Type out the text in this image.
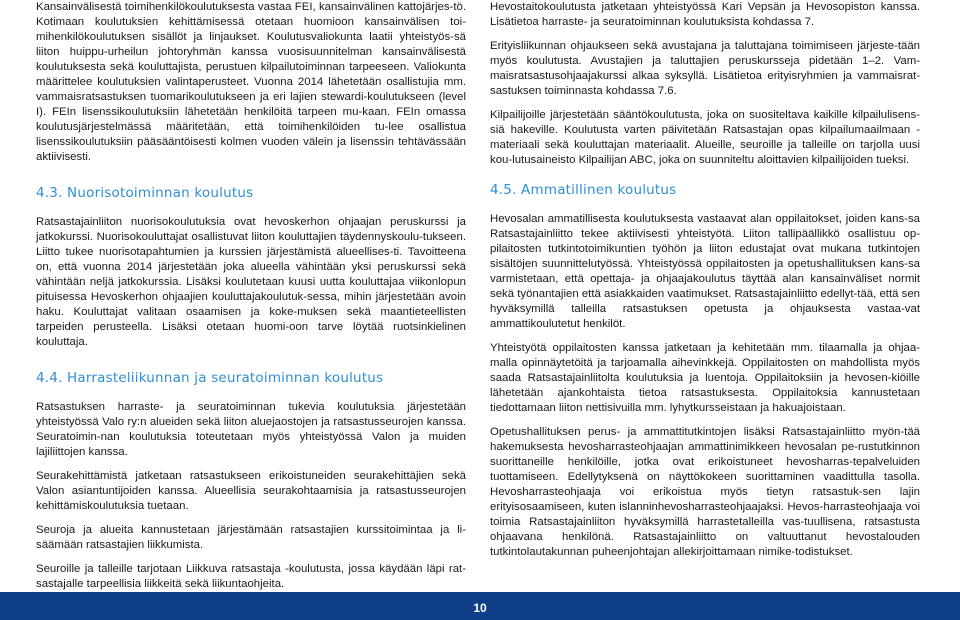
Kansainvälisestä toimihenkilökoulutuksesta vastaa FEI, kansainvälinen kattojärjes-tö. Kotimaan koulutuksien kehittämisessä otetaan huomioon kansainvälisen toi-mihenkilökoulutuksen sisällöt ja linjaukset. Koulutusvaliokunta laatii yhteistyös-sä liiton huippu-urheilun johtoryhmän kanssa vuosisuunnitelman kansainvälisestä koulutuksesta sekä kouluttajista, perustuen kilpailutoiminnan tarpeeseen. Valiokunta määrittelee koulutuksien valintaperusteet. Vuonna 2014 lähetetään osallistujia mm. vammaisratsastuksen tuomarikoulutukseen ja eri lajien stewardi-koulutukseen (level I). FEIn lisenssikoulutuksiin lähetetään henkilöitä tarpeen mu-kaan. FEIn omassa koulutusjärjestelmässä määritetään, että toimihenkilöiden tu-lee osallistua lisenssikoulutuksiin pääsääntöisesti kolmen vuoden välein ja lisenssin tehtävässään aktiivisesti.

4.3. Nuorisotoiminnan koulutus

Ratsastajainliiton nuorisokoulutuksia ovat hevoskerhon ohjaajan peruskurssi ja jatkokurssi. Nuorisokouluttajat osallistuvat liiton kouluttajien täydennyskoulu-tukseen. Liitto tukee nuorisotapahtumien ja kurssien järjestämistä alueellises-ti. Tavoitteena on, että vuonna 2014 järjestetään joka alueella vähintään yksi peruskurssi sekä vähintään neljä jatkokurssia. Lisäksi koulutetaan kuusi uutta kouluttajaa viikonlopun pituisessa Hevoskerhon ohjaajien kouluttajakoulutuk-sessa, mihin järjestetään avoin haku. Kouluttajat valitaan osaamisen ja koke-muksen sekä maantieteellisten tarpeiden perusteella. Lisäksi otetaan huomi-oon tarve löytää ruotsinkielinen kouluttaja.

4.4. Harrasteliikunnan ja seuratoiminnan koulutus

Ratsastuksen harraste- ja seuratoiminnan tukevia koulutuksia järjestetään yhteistyössä Valo ry:n alueiden sekä liiton aluejaostojen ja ratsastusseurojen kanssa. Seuratoimin-nan koulutuksia toteutetaan myös yhteistyössä Valon ja muiden lajiliittojen kanssa.

Seurakehittämistä jatketaan ratsastukseen erikoistuneiden seurakehittäjien sekä Valon asiantuntijoiden kanssa. Alueellisia seurakohtaamisia ja ratsastusseurojen kehittämiskoulutuksia tuetaan.

Seuroja ja alueita kannustetaan järjestämään ratsastajien kurssitoimintaa ja li-säämään ratsastajien liikkumista.

Seuroille ja talleille tarjotaan Liikkuva ratsastaja -koulutusta, jossa käydään läpi rat-sastajalle tarpeellisia liikkeitä sekä liikuntaohjeita.

Hevostaitokoulutusta jatketaan yhteistyössä Kari Vepsän ja Hevosopiston kanssa. Lisätietoa harraste- ja seuratoiminnan koulutuksista kohdassa 7.

Erityisliikunnan ohjaukseen sekä avustajana ja taluttajana toimimiseen järjeste-tään myös koulutusta. Avustajien ja taluttajien peruskursseja pidetään 1–2. Vam-maisratsastusohjaajakurssi alkaa syksyllä. Lisätietoa erityisryhmien ja vammaisrat-sastuksen toiminnasta kohdassa 7.6.

Kilpailijoille järjestetään sääntökoulutusta, joka on suositeltava kaikille kilpailulisens-siä hakeville. Koulutusta varten päivitetään Ratsastajan opas kilpailumaailmaan -materiaali sekä kouluttajan materiaalit. Alueille, seuroille ja talleille on tarjolla uusi kou-lutusaineisto Kilpailijan ABC, joka on suunniteltu aloittavien kilpailijoiden tueksi.

4.5. Ammatillinen koulutus

Hevosalan ammatillisesta koulutuksesta vastaavat alan oppilaitokset, joiden kans-sa Ratsastajainliitto tekee aktiivisesti yhteistyötä. Liiton tallipäällikkö osallistuu op-pilaitosten tutkintotoimikuntien työhön ja liiton edustajat ovat mukana tutkintojen sisältöjen suunnittelutyössä. Yhteistyössä oppilaitosten ja opetushallituksen kans-sa varmistetaan, että opettaja- ja ohjaajakoulutus täyttää alan kansainväliset normit sekä työnantajien että asiakkaiden vaatimukset. Ratsastajainliitto edellyt-tää, että sen hyväksymillä talleilla ratsastuksen opetusta ja ohjauksesta vastaa-vat ammattikoulutetut henkilöt.

Yhteistyötä oppilaitosten kanssa jatketaan ja kehitetään mm. tilaamalla ja ohjaa-malla opinnäytetöitä ja tarjoamalla aihevinkkejä. Oppilaitosten on mahdollista myös saada Ratsastajainliitolta koulutuksia ja luentoja. Oppilaitoksiin ja hevosen-kiöille lähetetään ajankohtaista tietoa ratsastuksesta. Oppilaitoksia kannustetaan tiedottamaan liiton nettisivuilla mm. lyhytkursseistaan ja hakuajoistaan.

Opetushallituksen perus- ja ammattitutkintojen lisäksi Ratsastajainliitto myön-tää hakemuksesta hevosharrasteohjaajan ammattinimikkeen hevosalan pe-rustutkinnon suorittaneille henkilöille, jotka ovat erikoistuneet hevosharras-tepalveluiden tuottamiseen. Edellytyksenä on näyttökokeen suorittaminen vaadittulla tasolla. Hevosharrasteohjaaja voi erikoistua myös tietyn ratsastuk-sen lajin erityisosaamiseen, kuten islanninhevosharrasteohjaajaksi. Hevos-harrasteohjaaja voi toimia Ratsastajainliiton hyväksymillä harrastetalleilla vas-tuullisena, ratsastusta ohjaavana henkilönä. Ratsastajainliitto on valtuuttanut hevostalouden tutkintolautakunnan puheenjohtajan allekirjoittamaan nimike-todistukset.

10
